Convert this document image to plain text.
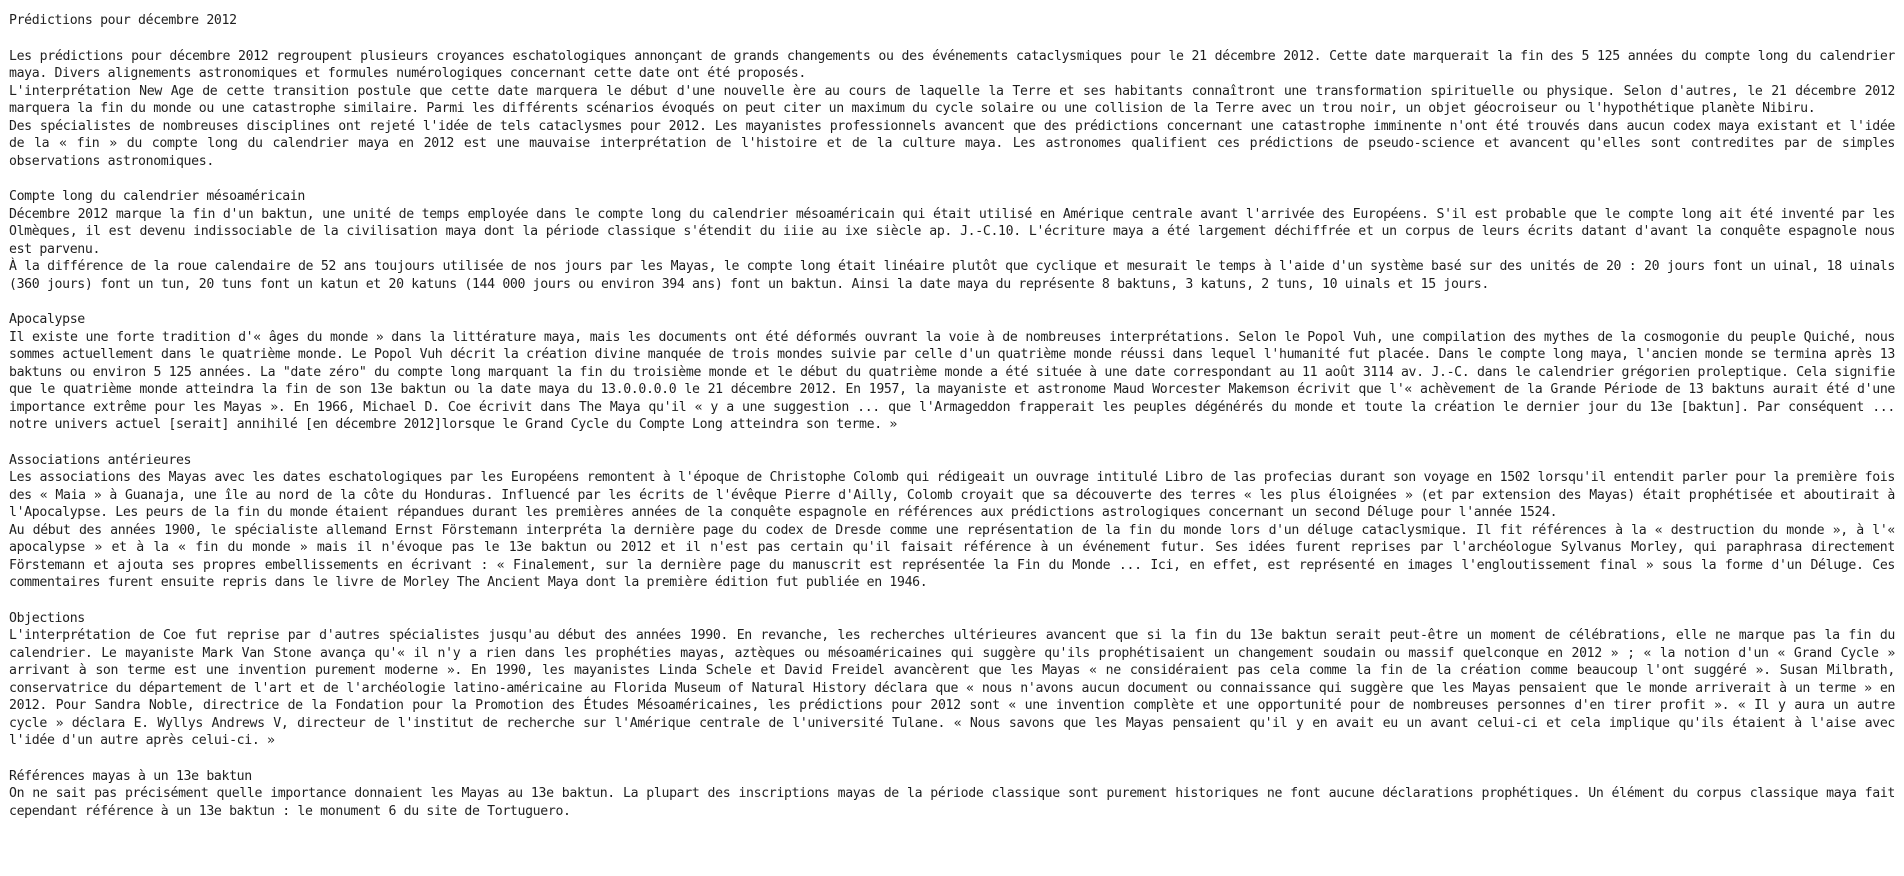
Prédictions pour décembre 2012

Les prédictions pour décembre 2012 regroupent plusieurs croyances eschatologiques annonçant de grands changements ou des événements cataclysmiques pour le 21 décembre 2012. Cette date marquerait la fin des 5 125 années du compte long du calendrier maya. Divers alignements astronomiques et formules numérologiques concernant cette date ont été proposés.

L'interprétation New Age de cette transition postule que cette date marquera le début d'une nouvelle ère au cours de laquelle la Terre et ses habitants connaîtront une transformation spirituelle ou physique. Selon d'autres, le 21 décembre 2012 marquera la fin du monde ou une catastrophe similaire. Parmi les différents scénarios évoqués on peut citer un maximum du cycle solaire ou une collision de la Terre avec un trou noir, un objet géocroiseur ou l'hypothétique planète Nibiru.

Des spécialistes de nombreuses disciplines ont rejeté l'idée de tels cataclysmes pour 2012. Les mayanistes professionnels avancent que des prédictions concernant une catastrophe imminente n'ont été trouvés dans aucun codex maya existant et l'idée de la « fin » du compte long du calendrier maya en 2012 est une mauvaise interprétation de l'histoire et de la culture maya. Les astronomes qualifient ces prédictions de pseudo-science et avancent qu'elles sont contredites par de simples observations astronomiques.

Compte long du calendrier mésoaméricain

Décembre 2012 marque la fin d'un baktun, une unité de temps employée dans le compte long du calendrier mésoaméricain qui était utilisé en Amérique centrale avant l'arrivée des Européens. S'il est probable que le compte long ait été inventé par les Olmèques, il est devenu indissociable de la civilisation maya dont la période classique s'étendit du iiie au ixe siècle ap. J.-C.10. L'écriture maya a été largement déchiffrée et un corpus de leurs écrits datant d'avant la conquête espagnole nous est parvenu.

À la différence de la roue calendaire de 52 ans toujours utilisée de nos jours par les Mayas, le compte long était linéaire plutôt que cyclique et mesurait le temps à l'aide d'un système basé sur des unités de 20 : 20 jours font un uinal, 18 uinals (360 jours) font un tun, 20 tuns font un katun et 20 katuns (144 000 jours ou environ 394 ans) font un baktun. Ainsi la date maya du représente 8 baktuns, 3 katuns, 2 tuns, 10 uinals et 15 jours.

Apocalypse

Il existe une forte tradition d'« âges du monde » dans la littérature maya, mais les documents ont été déformés ouvrant la voie à de nombreuses interprétations. Selon le Popol Vuh, une compilation des mythes de la cosmogonie du peuple Quiché, nous sommes actuellement dans le quatrième monde. Le Popol Vuh décrit la création divine manquée de trois mondes suivie par celle d'un quatrième monde réussi dans lequel l'humanité fut placée. Dans le compte long maya, l'ancien monde se termina après 13 baktuns ou environ 5 125 années. La "date zéro" du compte long marquant la fin du troisième monde et le début du quatrième monde a été située à une date correspondant au 11 août 3114 av. J.-C. dans le calendrier grégorien proleptique. Cela signifie que le quatrième monde atteindra la fin de son 13e baktun ou la date maya du 13.0.0.0.0 le 21 décembre 2012. En 1957, la mayaniste et astronome Maud Worcester Makemson écrivit que l'« achèvement de la Grande Période de 13 baktuns aurait été d'une importance extrême pour les Mayas ». En 1966, Michael D. Coe écrivit dans The Maya qu'il « y a une suggestion ... que l'Armageddon frapperait les peuples dégénérés du monde et toute la création le dernier jour du 13e [baktun]. Par conséquent ... notre univers actuel [serait] annihilé [en décembre 2012]lorsque le Grand Cycle du Compte Long atteindra son terme. »

Associations antérieures

Les associations des Mayas avec les dates eschatologiques par les Européens remontent à l'époque de Christophe Colomb qui rédigeait un ouvrage intitulé Libro de las profecias durant son voyage en 1502 lorsqu'il entendit parler pour la première fois des « Maia » à Guanaja, une île au nord de la côte du Honduras. Influencé par les écrits de l'évêque Pierre d'Ailly, Colomb croyait que sa découverte des terres « les plus éloignées » (et par extension des Mayas) était prophétisée et aboutirait à l'Apocalypse. Les peurs de la fin du monde étaient répandues durant les premières années de la conquête espagnole en références aux prédictions astrologiques concernant un second Déluge pour l'année 1524.

Au début des années 1900, le spécialiste allemand Ernst Förstemann interpréta la dernière page du codex de Dresde comme une représentation de la fin du monde lors d'un déluge cataclysmique. Il fit références à la « destruction du monde », à l'« apocalypse » et à la « fin du monde » mais il n'évoque pas le 13e baktun ou 2012 et il n'est pas certain qu'il faisait référence à un événement futur. Ses idées furent reprises par l'archéologue Sylvanus Morley, qui paraphrasa directement Förstemann et ajouta ses propres embellissements en écrivant : « Finalement, sur la dernière page du manuscrit est représentée la Fin du Monde ... Ici, en effet, est représenté en images l'engloutissement final » sous la forme d'un Déluge. Ces commentaires furent ensuite repris dans le livre de Morley The Ancient Maya dont la première édition fut publiée en 1946.

Objections

L'interprétation de Coe fut reprise par d'autres spécialistes jusqu'au début des années 1990. En revanche, les recherches ultérieures avancent que si la fin du 13e baktun serait peut-être un moment de célébrations, elle ne marque pas la fin du calendrier. Le mayaniste Mark Van Stone avança qu'« il n'y a rien dans les prophéties mayas, aztèques ou mésoaméricaines qui suggère qu'ils prophétisaient un changement soudain ou massif quelconque en 2012 » ; « la notion d'un « Grand Cycle » arrivant à son terme est une invention purement moderne ». En 1990, les mayanistes Linda Schele et David Freidel avancèrent que les Mayas « ne considéraient pas cela comme la fin de la création comme beaucoup l'ont suggéré ». Susan Milbrath, conservatrice du département de l'art et de l'archéologie latino-américaine au Florida Museum of Natural History déclara que « nous n'avons aucun document ou connaissance qui suggère que les Mayas pensaient que le monde arriverait à un terme » en 2012. Pour Sandra Noble, directrice de la Fondation pour la Promotion des Études Mésoaméricaines, les prédictions pour 2012 sont « une invention complète et une opportunité pour de nombreuses personnes d'en tirer profit ». « Il y aura un autre cycle » déclara E. Wyllys Andrews V, directeur de l'institut de recherche sur l'Amérique centrale de l'université Tulane. « Nous savons que les Mayas pensaient qu'il y en avait eu un avant celui-ci et cela implique qu'ils étaient à l'aise avec l'idée d'un autre après celui-ci. »

Références mayas à un 13e baktun

On ne sait pas précisément quelle importance donnaient les Mayas au 13e baktun. La plupart des inscriptions mayas de la période classique sont purement historiques ne font aucune déclarations prophétiques. Un élément du corpus classique maya fait cependant référence à un 13e baktun : le monument 6 du site de Tortuguero.
